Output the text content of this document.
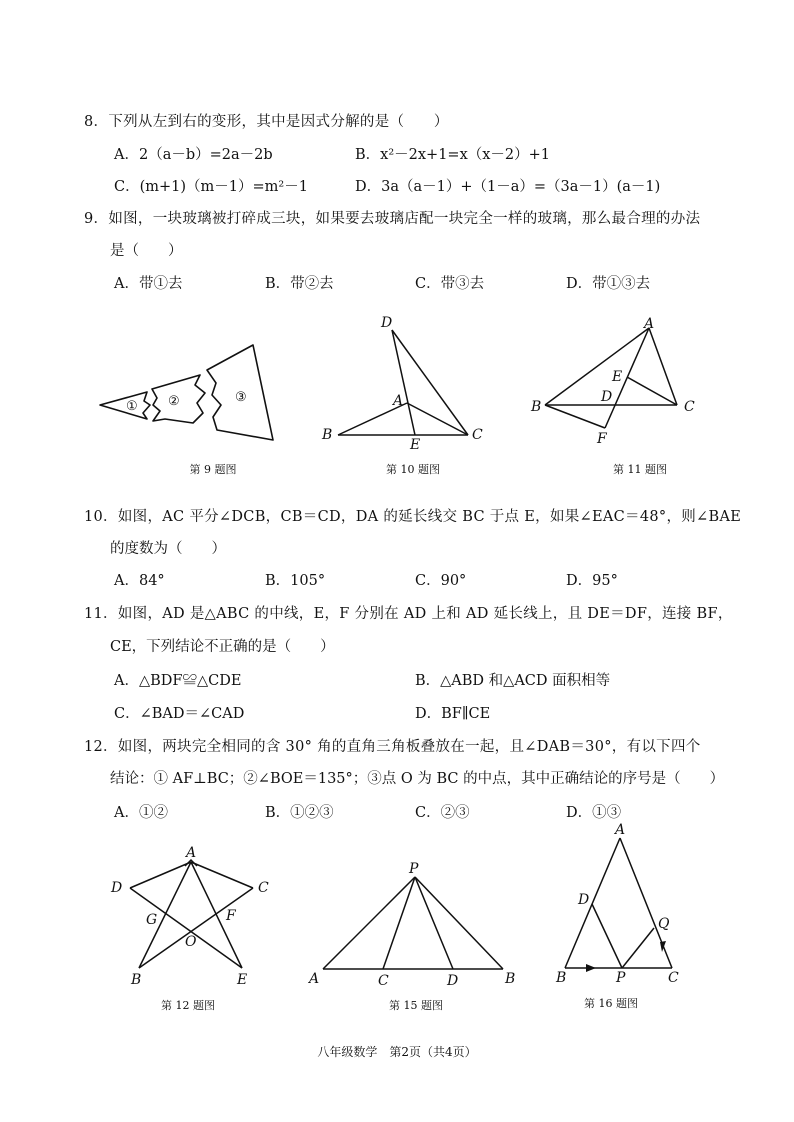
8．下列从左到右的变形，其中是因式分解的是（　　）
A．2（a－b）=2a－2b	B．x²－2x+1=x（x－2）+1
C．(m+1)（m－1）=m²－1	D．3a（a－1）+（1－a）=（3a－1）(a－1)
9．如图，一块玻璃被打碎成三块，如果要去玻璃店配一块完全一样的玻璃，那么最合理的办法
是（　　）
A．带①去	B．带②去	C．带③去	D．带①③去
① ②	③
第 9 题图
D
A
B
E
C
第 10 题图
A
E
D
B	C
F
第 11 题图
10．如图，AC 平分∠DCB，CB＝CD，DA 的延长线交 BC 于点 E，如果∠EAC＝48°，则∠BAE
的度数为（　　）
A．84°	B．105°	C．90°	D．95°
11．如图，AD 是△ABC 的中线，E，F 分别在 AD 上和 AD 延长线上，且 DE＝DF，连接 BF，
CE，下列结论不正确的是（　　）
A．△BDF≌△CDE	B．△ABD 和△ACD 面积相等
C．∠BAD＝∠CAD	D．BF∥CE
12．如图，两块完全相同的含 30° 角的直角三角板叠放在一起，且∠DAB＝30°，有以下四个
结论：① AF⊥BC；②∠BOE＝135°；③点 O 为 BC 的中点，其中正确结论的序号是（　　）
A．①②	B．①②③	C．②③	D．①③
A
D	C
G	F
O
B	E
第 12 题图
P
A	C	D	B
第 15 题图
A
D
Q
B	P	C
第 16 题图
八年级数学　第2页（共4页）
